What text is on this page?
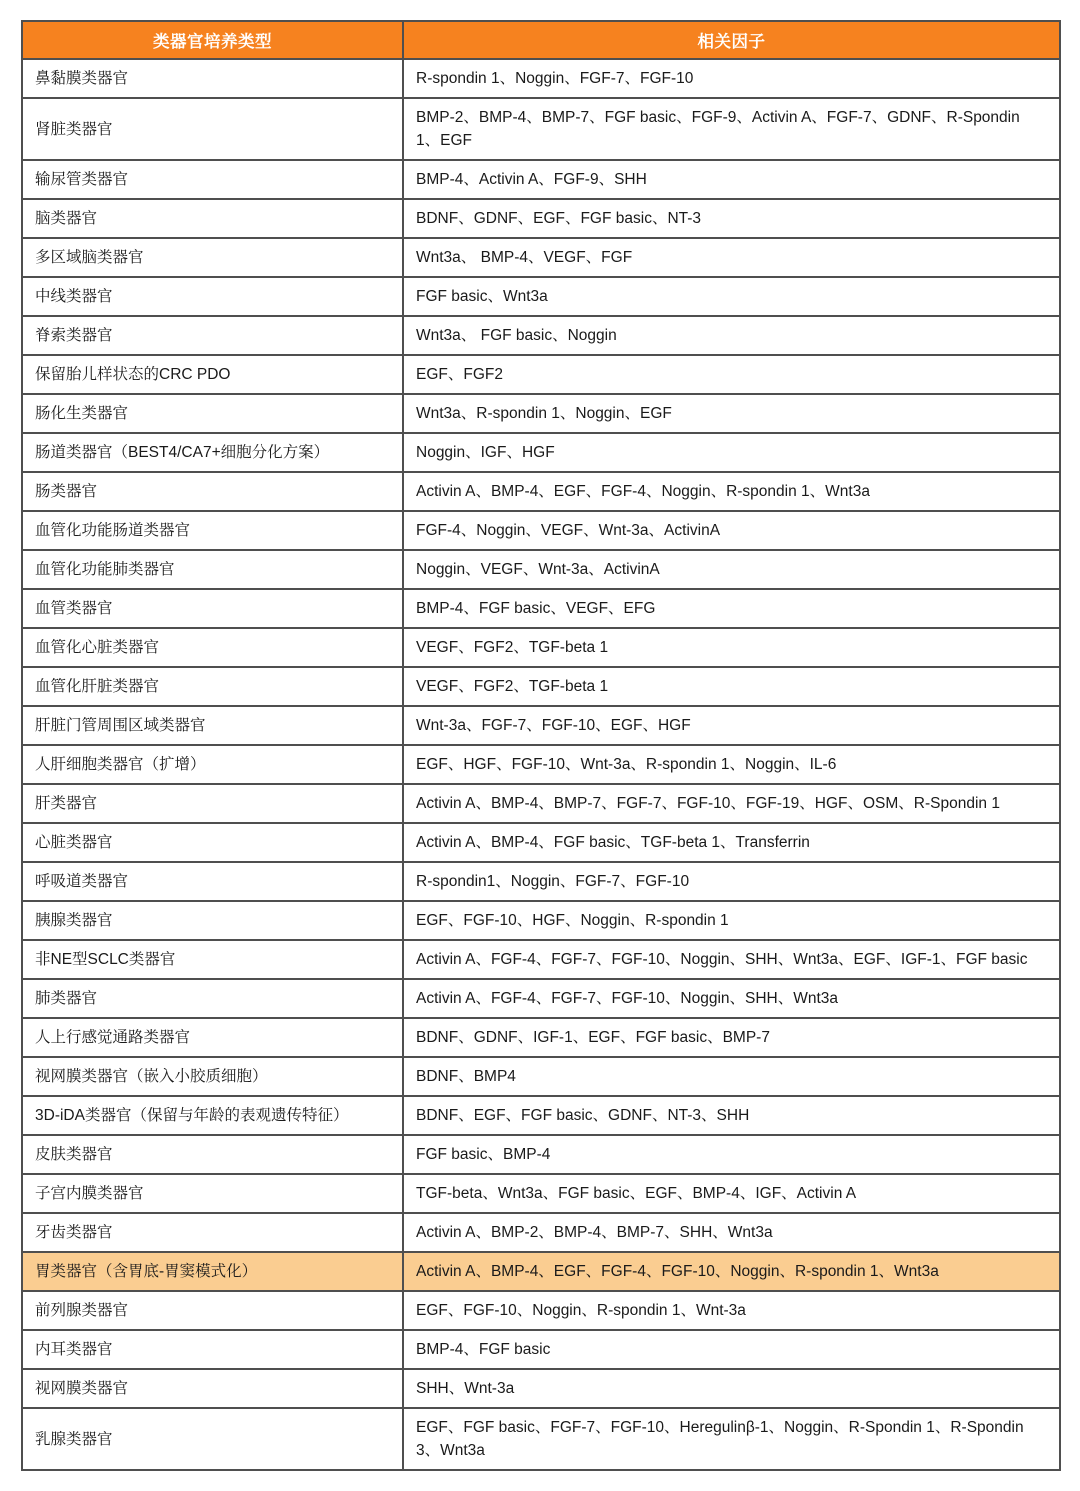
类器官培养类型	相关因子
鼻黏膜类器官	R-spondin 1、Noggin、FGF-7、FGF-10
肾脏类器官	BMP-2、BMP-4、BMP-7、FGF basic、FGF-9、Activin A、FGF-7、GDNF、R-Spondin 1、EGF
输尿管类器官	BMP-4、Activin A、FGF-9、SHH
脑类器官	BDNF、GDNF、EGF、FGF basic、NT-3
多区域脑类器官	Wnt3a、 BMP-4、VEGF、FGF
中线类器官	FGF basic、Wnt3a
脊索类器官	Wnt3a、 FGF basic、Noggin
保留胎儿样状态的CRC PDO	EGF、FGF2
肠化生类器官	Wnt3a、R-spondin 1、Noggin、EGF
肠道类器官（BEST4/CA7+细胞分化方案）	Noggin、IGF、HGF
肠类器官	Activin A、BMP-4、EGF、FGF-4、Noggin、R-spondin 1、Wnt3a
血管化功能肠道类器官	FGF-4、Noggin、VEGF、Wnt-3a、ActivinA
血管化功能肺类器官	Noggin、VEGF、Wnt-3a、ActivinA
血管类器官	BMP-4、FGF basic、VEGF、EFG
血管化心脏类器官	VEGF、FGF2、TGF-beta 1
血管化肝脏类器官	VEGF、FGF2、TGF-beta 1
肝脏门管周围区域类器官	Wnt-3a、FGF-7、FGF-10、EGF、HGF
人肝细胞类器官（扩增）	EGF、HGF、FGF-10、Wnt-3a、R-spondin 1、Noggin、IL-6
肝类器官	Activin A、BMP-4、BMP-7、FGF-7、FGF-10、FGF-19、HGF、OSM、R-Spondin 1
心脏类器官	Activin A、BMP-4、FGF basic、TGF-beta 1、Transferrin
呼吸道类器官	R-spondin1、Noggin、FGF-7、FGF-10
胰腺类器官	EGF、FGF-10、HGF、Noggin、R-spondin 1
非NE型SCLC类器官	Activin A、FGF-4、FGF-7、FGF-10、Noggin、SHH、Wnt3a、EGF、IGF-1、FGF basic
肺类器官	Activin A、FGF-4、FGF-7、FGF-10、Noggin、SHH、Wnt3a
人上行感觉通路类器官	BDNF、GDNF、IGF-1、EGF、FGF basic、BMP-7
视网膜类器官（嵌入小胶质细胞）	BDNF、BMP4
3D-iDA类器官（保留与年龄的表观遗传特征）	BDNF、EGF、FGF basic、GDNF、NT-3、SHH
皮肤类器官	FGF basic、BMP-4
子宫内膜类器官	TGF-beta、Wnt3a、FGF basic、EGF、BMP-4、IGF、Activin A
牙齿类器官	Activin A、BMP-2、BMP-4、BMP-7、SHH、Wnt3a
胃类器官（含胃底-胃窦模式化）	Activin A、BMP-4、EGF、FGF-4、FGF-10、Noggin、R-spondin 1、Wnt3a
前列腺类器官	EGF、FGF-10、Noggin、R-spondin 1、Wnt-3a
内耳类器官	BMP-4、FGF basic
视网膜类器官	SHH、Wnt-3a
乳腺类器官	EGF、FGF basic、FGF-7、FGF-10、Heregulinβ-1、Noggin、R-Spondin 1、R-Spondin 3、Wnt3a
